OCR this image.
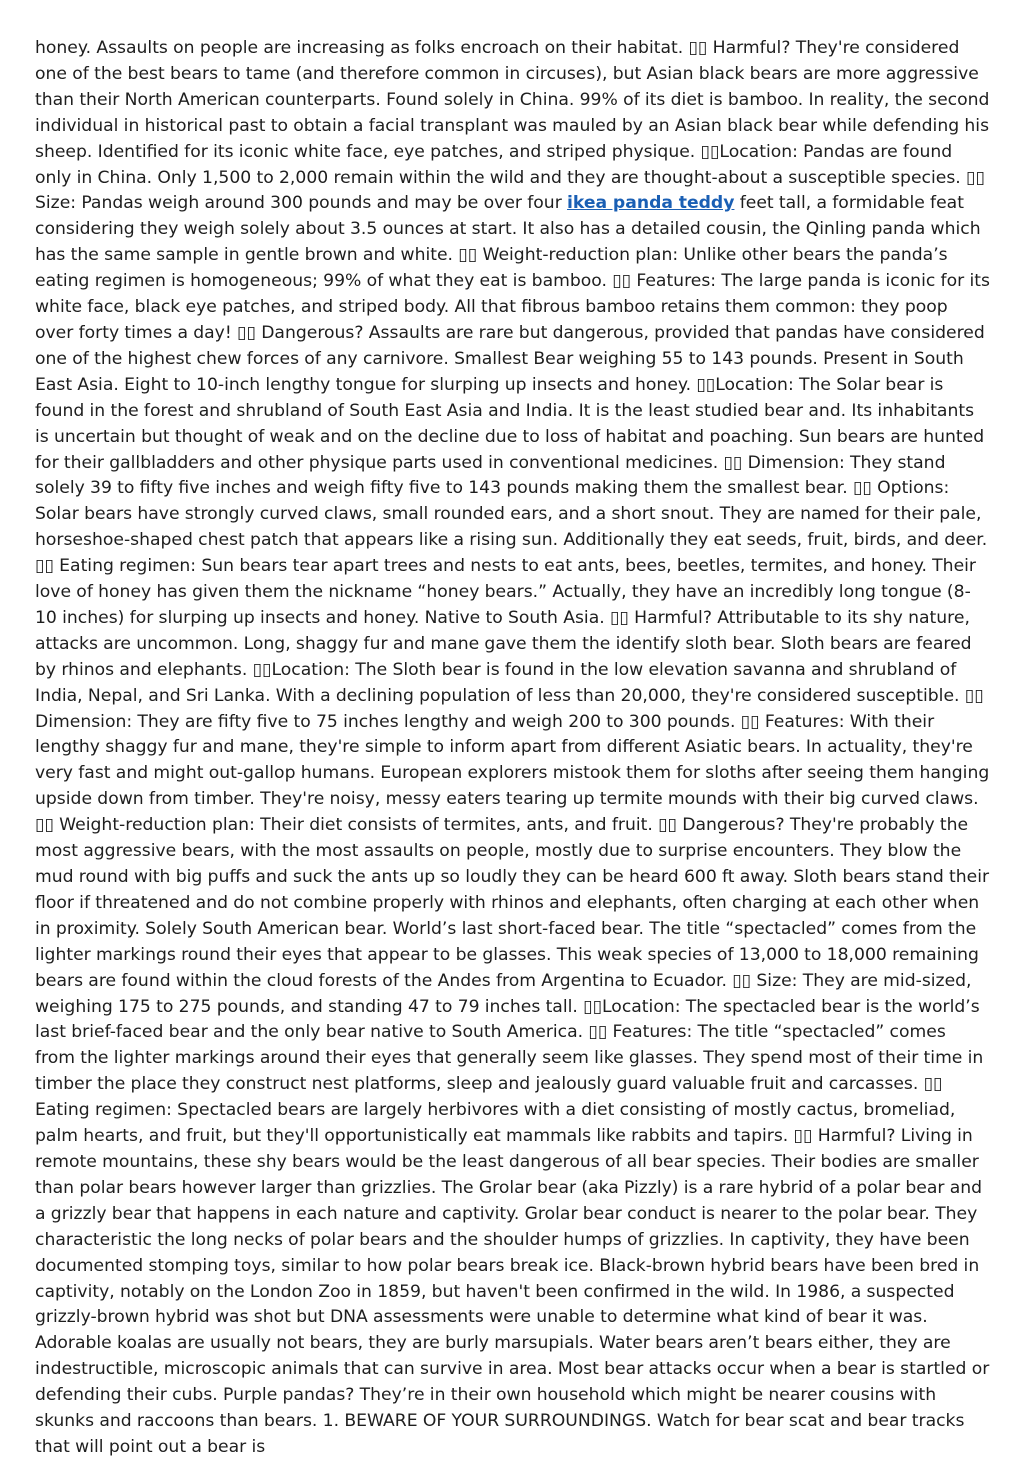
honey. Assaults on people are increasing as folks encroach on their habitat. ▯▯ Harmful? They're considered one of the best bears to tame (and therefore common in circuses), but Asian black bears are more aggressive than their North American counterparts. Found solely in China. 99% of its diet is bamboo. In reality, the second individual in historical past to obtain a facial transplant was mauled by an Asian black bear while defending his sheep. Identified for its iconic white face, eye patches, and striped physique. ▯▯Location: Pandas are found only in China. Only 1,500 to 2,000 remain within the wild and they are thought-about a susceptible species. ▯▯ Size: Pandas weigh around 300 pounds and may be over four ikea panda teddy feet tall, a formidable feat considering they weigh solely about 3.5 ounces at start. It also has a detailed cousin, the Qinling panda which has the same sample in gentle brown and white. ▯▯ Weight-reduction plan: Unlike other bears the panda’s eating regimen is homogeneous; 99% of what they eat is bamboo. ▯▯ Features: The large panda is iconic for its white face, black eye patches, and striped body. All that fibrous bamboo retains them common: they poop over forty times a day! ▯▯ Dangerous? Assaults are rare but dangerous, provided that pandas have considered one of the highest chew forces of any carnivore. Smallest Bear weighing 55 to 143 pounds. Present in South East Asia. Eight to 10-inch lengthy tongue for slurping up insects and honey. ▯▯Location: The Solar bear is found in the forest and shrubland of South East Asia and India. It is the least studied bear and. Its inhabitants is uncertain but thought of weak and on the decline due to loss of habitat and poaching. Sun bears are hunted for their gallbladders and other physique parts used in conventional medicines. ▯▯ Dimension: They stand solely 39 to fifty five inches and weigh fifty five to 143 pounds making them the smallest bear. ▯▯ Options: Solar bears have strongly curved claws, small rounded ears, and a short snout. They are named for their pale, horseshoe-shaped chest patch that appears like a rising sun. Additionally they eat seeds, fruit, birds, and deer. ▯▯ Eating regimen: Sun bears tear apart trees and nests to eat ants, bees, beetles, termites, and honey. Their love of honey has given them the nickname “honey bears.” Actually, they have an incredibly long tongue (8-10 inches) for slurping up insects and honey. Native to South Asia. ▯▯ Harmful? Attributable to its shy nature, attacks are uncommon. Long, shaggy fur and mane gave them the identify sloth bear. Sloth bears are feared by rhinos and elephants. ▯▯Location: The Sloth bear is found in the low elevation savanna and shrubland of India, Nepal, and Sri Lanka. With a declining population of less than 20,000, they're considered susceptible. ▯▯ Dimension: They are fifty five to 75 inches lengthy and weigh 200 to 300 pounds. ▯▯ Features: With their lengthy shaggy fur and mane, they're simple to inform apart from different Asiatic bears. In actuality, they're very fast and might out-gallop humans. European explorers mistook them for sloths after seeing them hanging upside down from timber. They're noisy, messy eaters tearing up termite mounds with their big curved claws. ▯▯ Weight-reduction plan: Their diet consists of termites, ants, and fruit. ▯▯ Dangerous? They're probably the most aggressive bears, with the most assaults on people, mostly due to surprise encounters. They blow the mud round with big puffs and suck the ants up so loudly they can be heard 600 ft away. Sloth bears stand their floor if threatened and do not combine properly with rhinos and elephants, often charging at each other when in proximity. Solely South American bear. World’s last short-faced bear. The title “spectacled” comes from the lighter markings round their eyes that appear to be glasses. This weak species of 13,000 to 18,000 remaining bears are found within the cloud forests of the Andes from Argentina to Ecuador. ▯▯ Size: They are mid-sized, weighing 175 to 275 pounds, and standing 47 to 79 inches tall. ▯▯Location: The spectacled bear is the world’s last brief-faced bear and the only bear native to South America. ▯▯ Features: The title “spectacled” comes from the lighter markings around their eyes that generally seem like glasses. They spend most of their time in timber the place they construct nest platforms, sleep and jealously guard valuable fruit and carcasses. ▯▯ Eating regimen: Spectacled bears are largely herbivores with a diet consisting of mostly cactus, bromeliad, palm hearts, and fruit, but they'll opportunistically eat mammals like rabbits and tapirs. ▯▯ Harmful? Living in remote mountains, these shy bears would be the least dangerous of all bear species. Their bodies are smaller than polar bears however larger than grizzlies. The Grolar bear (aka Pizzly) is a rare hybrid of a polar bear and a grizzly bear that happens in each nature and captivity. Grolar bear conduct is nearer to the polar bear. They characteristic the long necks of polar bears and the shoulder humps of grizzlies. In captivity, they have been documented stomping toys, similar to how polar bears break ice. Black-brown hybrid bears have been bred in captivity, notably on the London Zoo in 1859, but haven't been confirmed in the wild. In 1986, a suspected grizzly-brown hybrid was shot but DNA assessments were unable to determine what kind of bear it was. Adorable koalas are usually not bears, they are burly marsupials. Water bears aren’t bears either, they are indestructible, microscopic animals that can survive in area. Most bear attacks occur when a bear is startled or defending their cubs. Purple pandas? They’re in their own household which might be nearer cousins with skunks and raccoons than bears. 1. BEWARE OF YOUR SURROUNDINGS. Watch for bear scat and bear tracks that will point out a bear is
